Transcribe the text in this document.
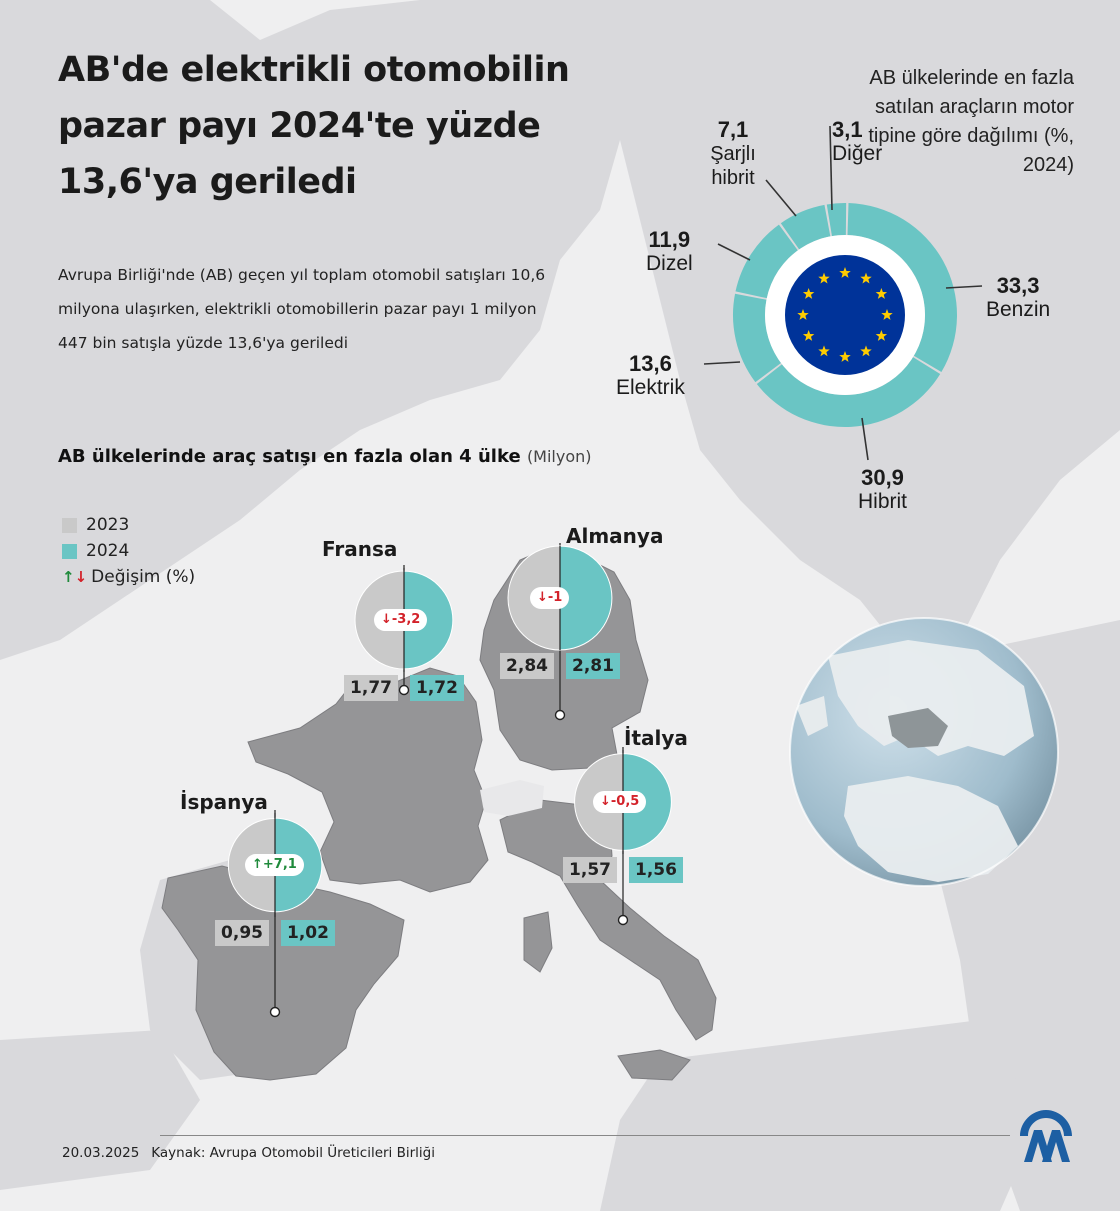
AB'de elektrikli otomobilin pazar payı 2024'te yüzde 13,6'ya geriledi
Avrupa Birliği'nde (AB) geçen yıl toplam otomobil satışları 10,6 milyona ulaşırken, elektrikli otomobillerin pazar payı 1 milyon 447 bin satışla yüzde 13,6'ya geriledi
AB ülkelerinde en fazla satılan araçların motor tipine göre dağılımı (%, 2024)
33,3
Benzin
30,9
Hibrit
13,6
Elektrik
11,9
Dizel
7,1
Şarjlı hibrit
3,1
Diğer
AB ülkelerinde araç satışı en fazla olan 4 ülke (Milyon)
2023
2024
↑↓ Değişim (%)
Fransa
↓-3,2
1,77	1,72
Almanya
↓-1
2,84	2,81
İtalya
↓-0,5
1,57	1,56
İspanya
↑+7,1
0,95	1,02
20.03.2025 Kaynak: Avrupa Otomobil Üreticileri Birliği
